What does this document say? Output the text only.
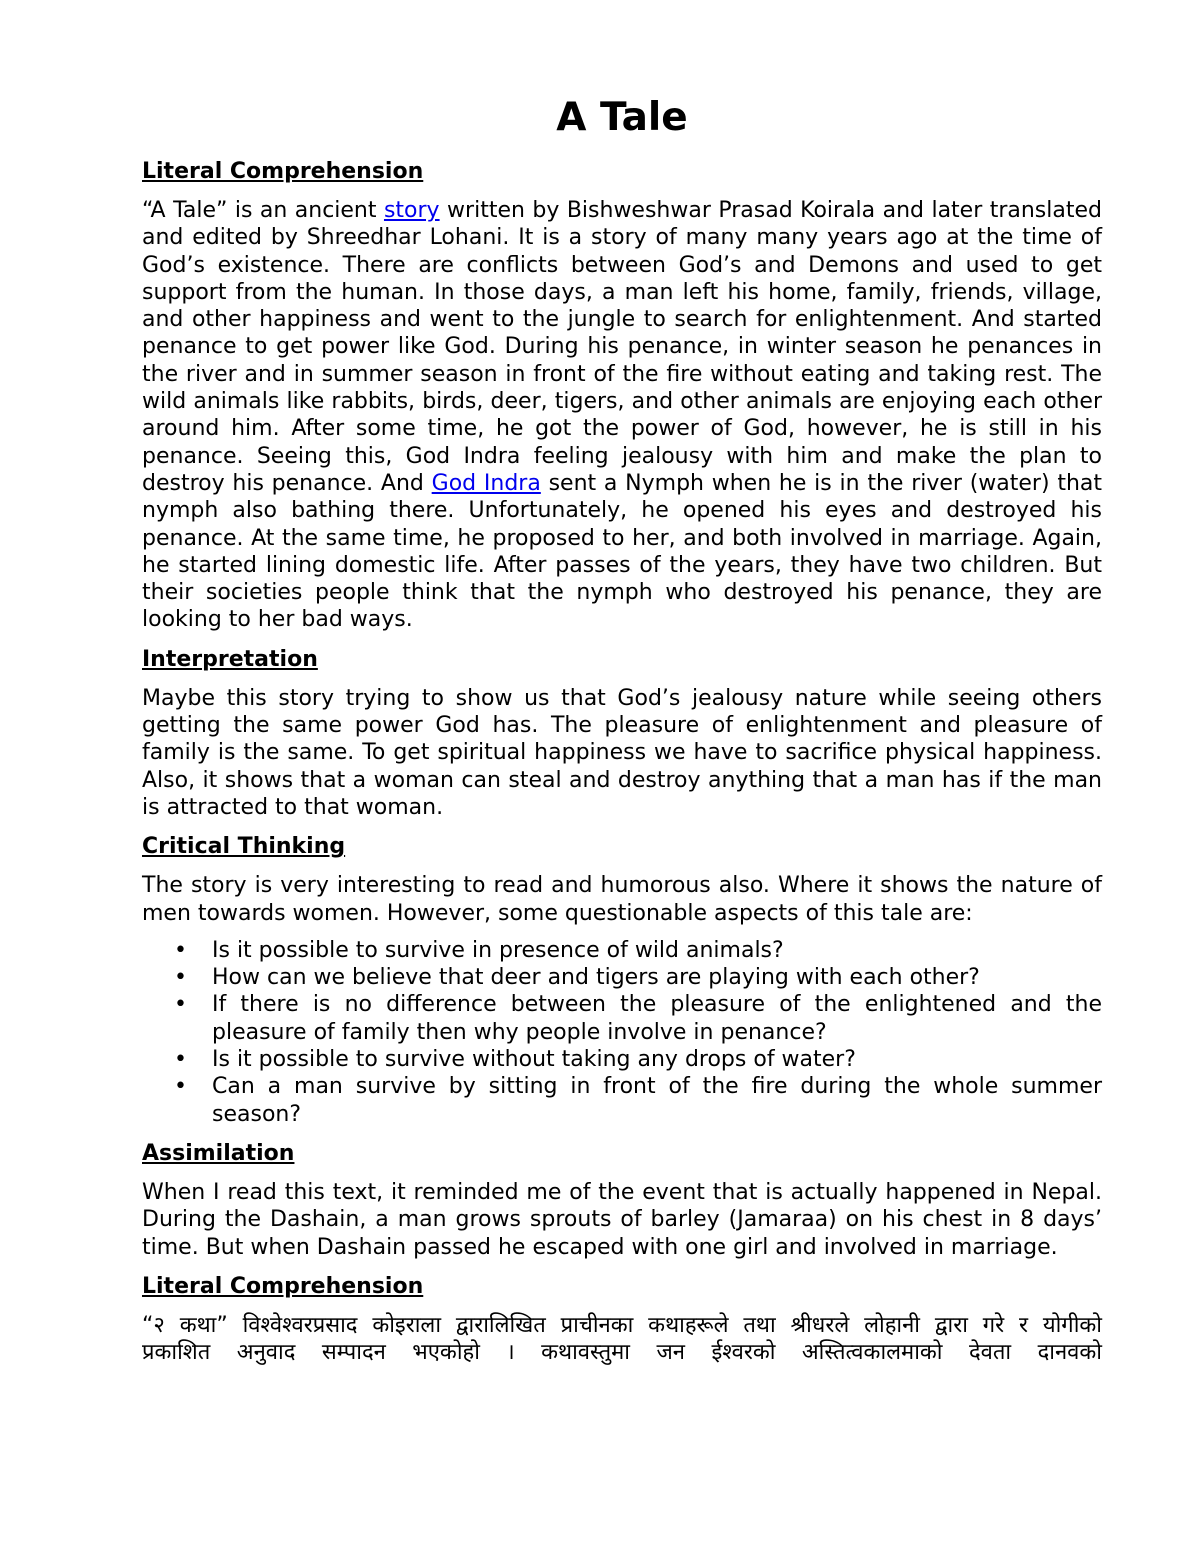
A Tale
Literal Comprehension

“A Tale” is an ancient story written by Bishweshwar Prasad Koirala and later translated and edited by Shreedhar Lohani. It is a story of many many years ago at the time of God’s existence. There are conflicts between God’s and Demons and used to get support from the human. In those days, a man left his home, family, friends, village, and other happiness and went to the jungle to search for enlightenment. And started penance to get power like God. During his penance, in winter season he penances in the river and in summer season in front of the fire without eating and taking rest. The wild animals like rabbits, birds, deer, tigers, and other animals are enjoying each other around him. After some time, he got the power of God, however, he is still in his penance. Seeing this, God Indra feeling jealousy with him and make the plan to destroy his penance. And God Indra sent a Nymph when he is in the river (water) that nymph also bathing there. Unfortunately, he opened his eyes and destroyed his penance. At the same time, he proposed to her, and both involved in marriage. Again, he started lining domestic life. After passes of the years, they have two children. But their societies people think that the nymph who destroyed his penance, they are looking to her bad ways.

Interpretation

Maybe this story trying to show us that God’s jealousy nature while seeing others getting the same power God has. The pleasure of enlightenment and pleasure of family is the same. To get spiritual happiness we have to sacrifice physical happiness. Also, it shows that a woman can steal and destroy anything that a man has if the man is attracted to that woman.

Critical Thinking

The story is very interesting to read and humorous also. Where it shows the nature of men towards women. However, some questionable aspects of this tale are:

• Is it possible to survive in presence of wild animals?
• How can we believe that deer and tigers are playing with each other?
• If there is no difference between the pleasure of the enlightened and the pleasure of family then why people involve in penance?
• Is it possible to survive without taking any drops of water?
• Can a man survive by sitting in front of the fire during the whole summer season?
Assimilation

When I read this text, it reminded me of the event that is actually happened in Nepal. During the Dashain, a man grows sprouts of barley (Jamaraa) on his chest in 8 days’ time. But when Dashain passed he escaped with one girl and involved in marriage.

Literal Comprehension

“२ कथा” विश्वेश्वरप्रसाद कोइराला द्वारालिखित प्राचीनका कथाहरूले तथा श्रीधरले लोहानी द्वारा गरे र योगीको

प्रकाशित अनुवाद सम्पादन भएकोहो । कथावस्तुमा जन ईश्वरको अस्तित्वकालमाको देवता दानवको
